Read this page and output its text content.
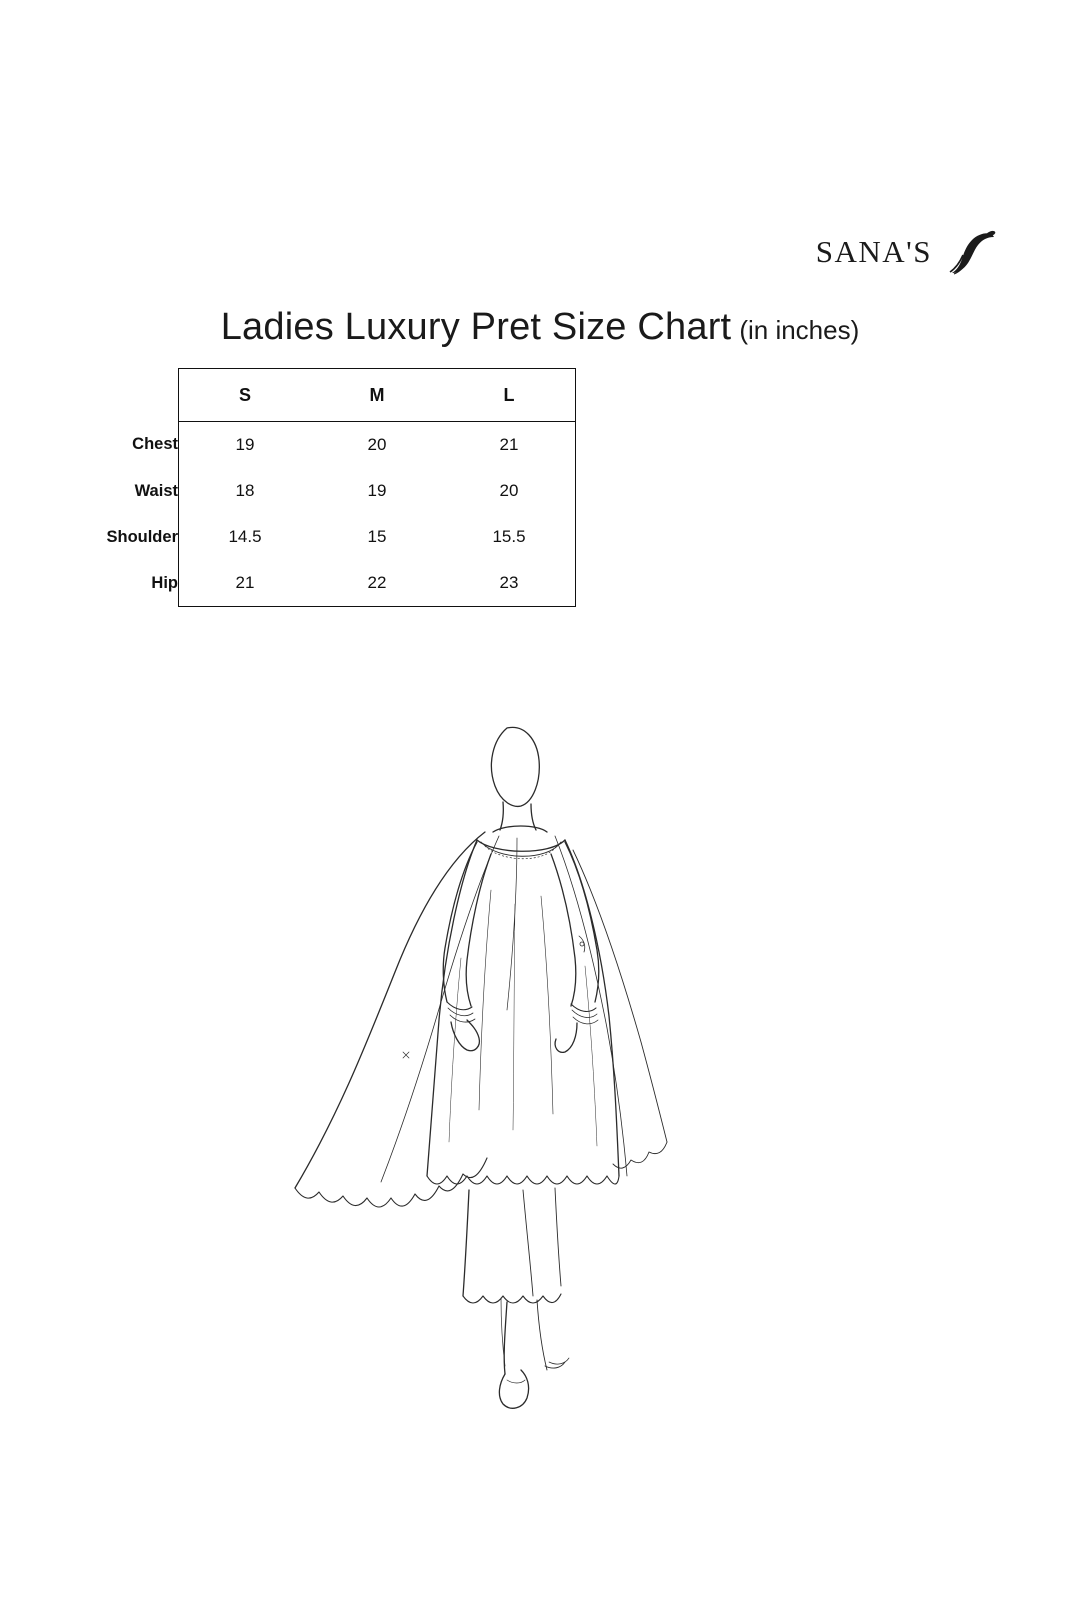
SANA'S
Ladies Luxury Pret Size Chart (in inches)
	S	M	L
Chest	19	20	21
Waist	18	19	20
Shoulder	14.5	15	15.5
Hip	21	22	23
